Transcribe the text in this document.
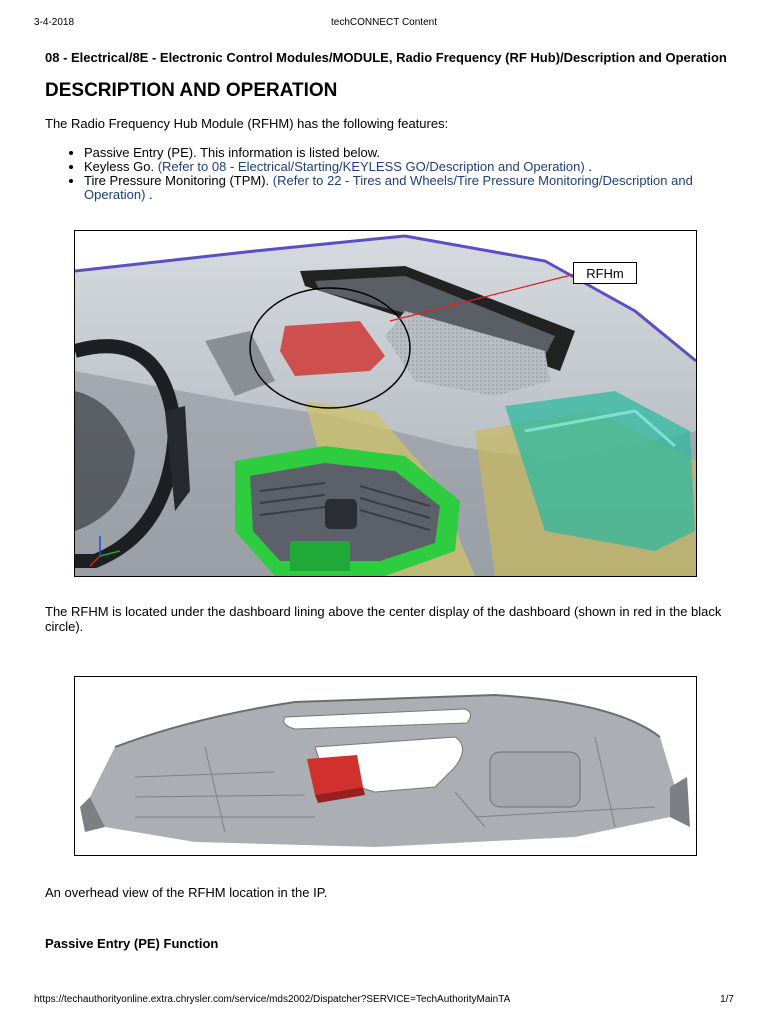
3-4-2018	techCONNECT Content
08 - Electrical/8E - Electronic Control Modules/MODULE, Radio Frequency (RF Hub)/Description and Operation
DESCRIPTION AND OPERATION
The Radio Frequency Hub Module (RFHM) has the following features:
• Passive Entry (PE). This information is listed below.
• Keyless Go. (Refer to 08 - Electrical/Starting/KEYLESS GO/Description and Operation) .
• Tire Pressure Monitoring (TPM). (Refer to 22 - Tires and Wheels/Tire Pressure Monitoring/Description and Operation) .
RFHm
The RFHM is located under the dashboard lining above the center display of the dashboard (shown in red in the black circle).
An overhead view of the RFHM location in the IP.
Passive Entry (PE) Function
https://techauthorityonline.extra.chrysler.com/service/mds2002/Dispatcher?SERVICE=TechAuthorityMainTA	1/7
